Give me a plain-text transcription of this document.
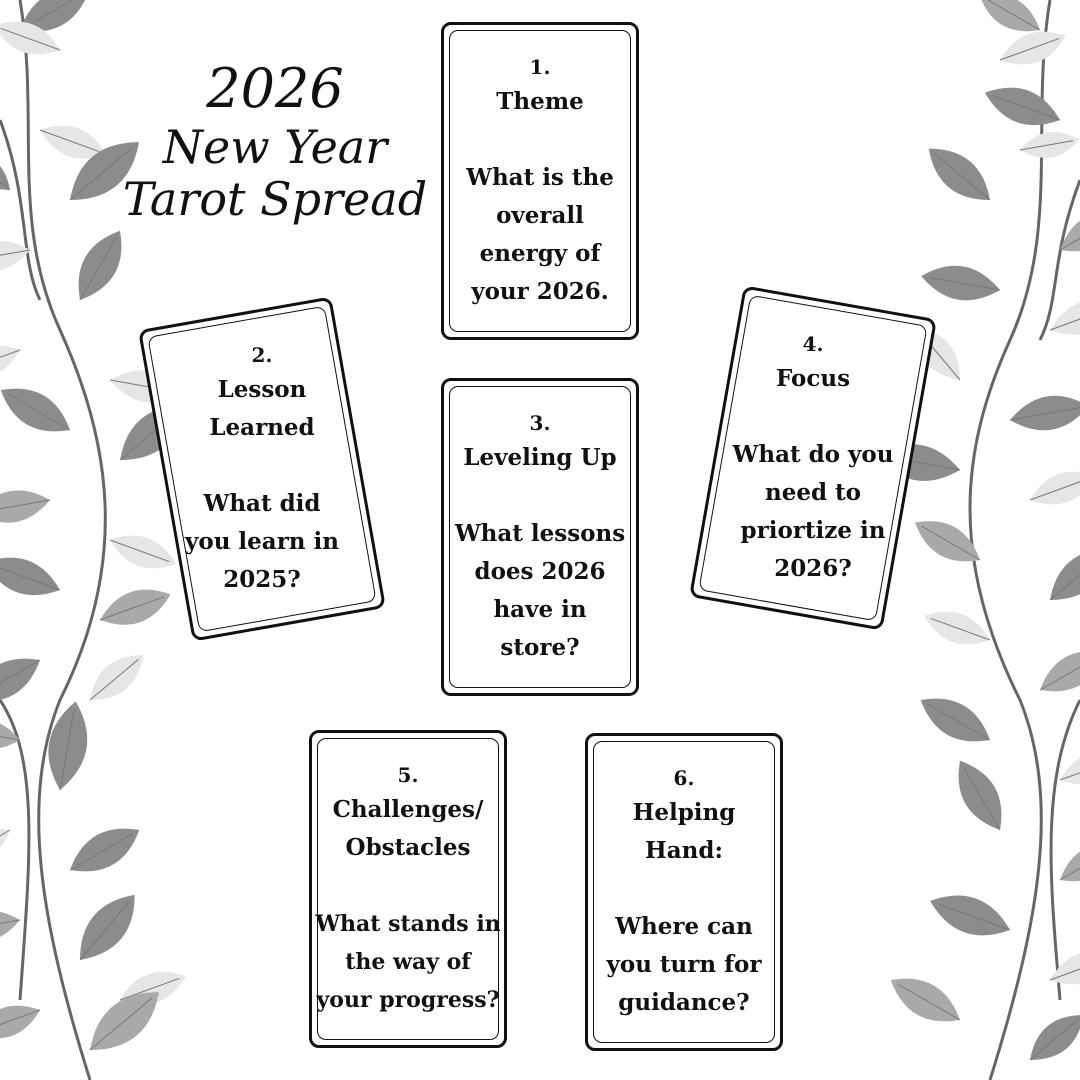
2026
New Year
Tarot Spread
1.
Theme
What is the
overall
energy of
your 2026.
2.
Lesson
Learned
What did
you learn in
2025?
3.
Leveling Up
What lessons
does 2026
have in
store?
4.
Focus
What do you
need to
priortize in
2026?
5.
Challenges/
Obstacles
What stands in
the way of
your progress?
6.
Helping
Hand:
Where can
you turn for
guidance?
